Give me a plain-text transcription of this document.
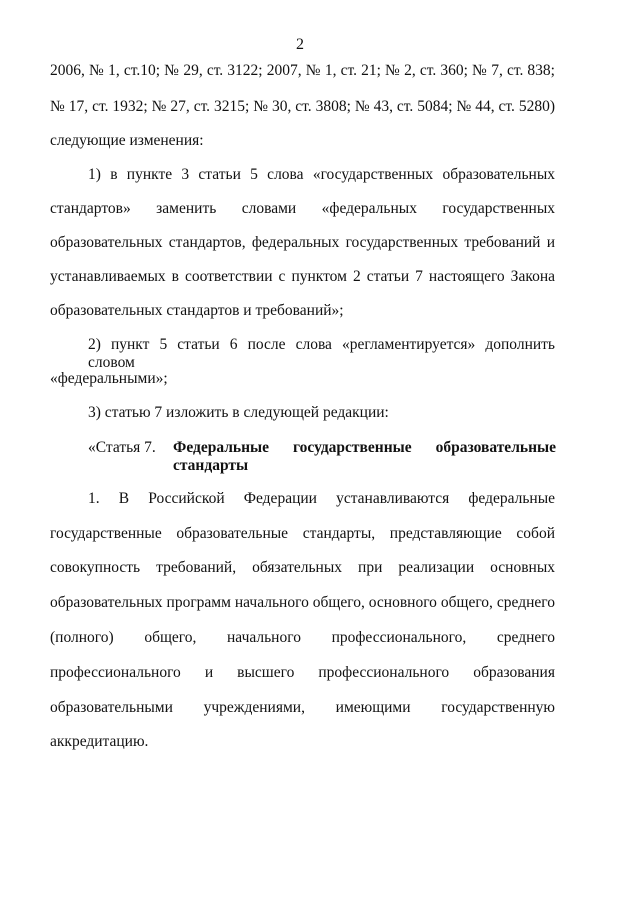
2
2006, № 1, ст.10; № 29, ст. 3122; 2007, № 1, ст. 21; № 2, ст. 360; № 7, ст. 838;
№ 17, ст. 1932; № 27, ст. 3215; № 30, ст. 3808; № 43, ст. 5084; № 44, ст. 5280)
следующие изменения:
1) в пункте 3 статьи 5 слова «государственных образовательных
стандартов» заменить словами «федеральных государственных
образовательных стандартов, федеральных государственных требований и
устанавливаемых в соответствии с пунктом 2 статьи 7 настоящего Закона
образовательных стандартов и требований»;
2) пункт 5 статьи 6 после слова «регламентируется» дополнить словом
«федеральными»;
3) статью 7 изложить в следующей редакции:
«Статья 7. Федеральные государственные образовательные
стандарты
1. В Российской Федерации устанавливаются федеральные
государственные образовательные стандарты, представляющие собой
совокупность требований, обязательных при реализации основных
образовательных программ начального общего, основного общего, среднего
(полного) общего, начального профессионального, среднего
профессионального и высшего профессионального образования
образовательными учреждениями, имеющими государственную
аккредитацию.
